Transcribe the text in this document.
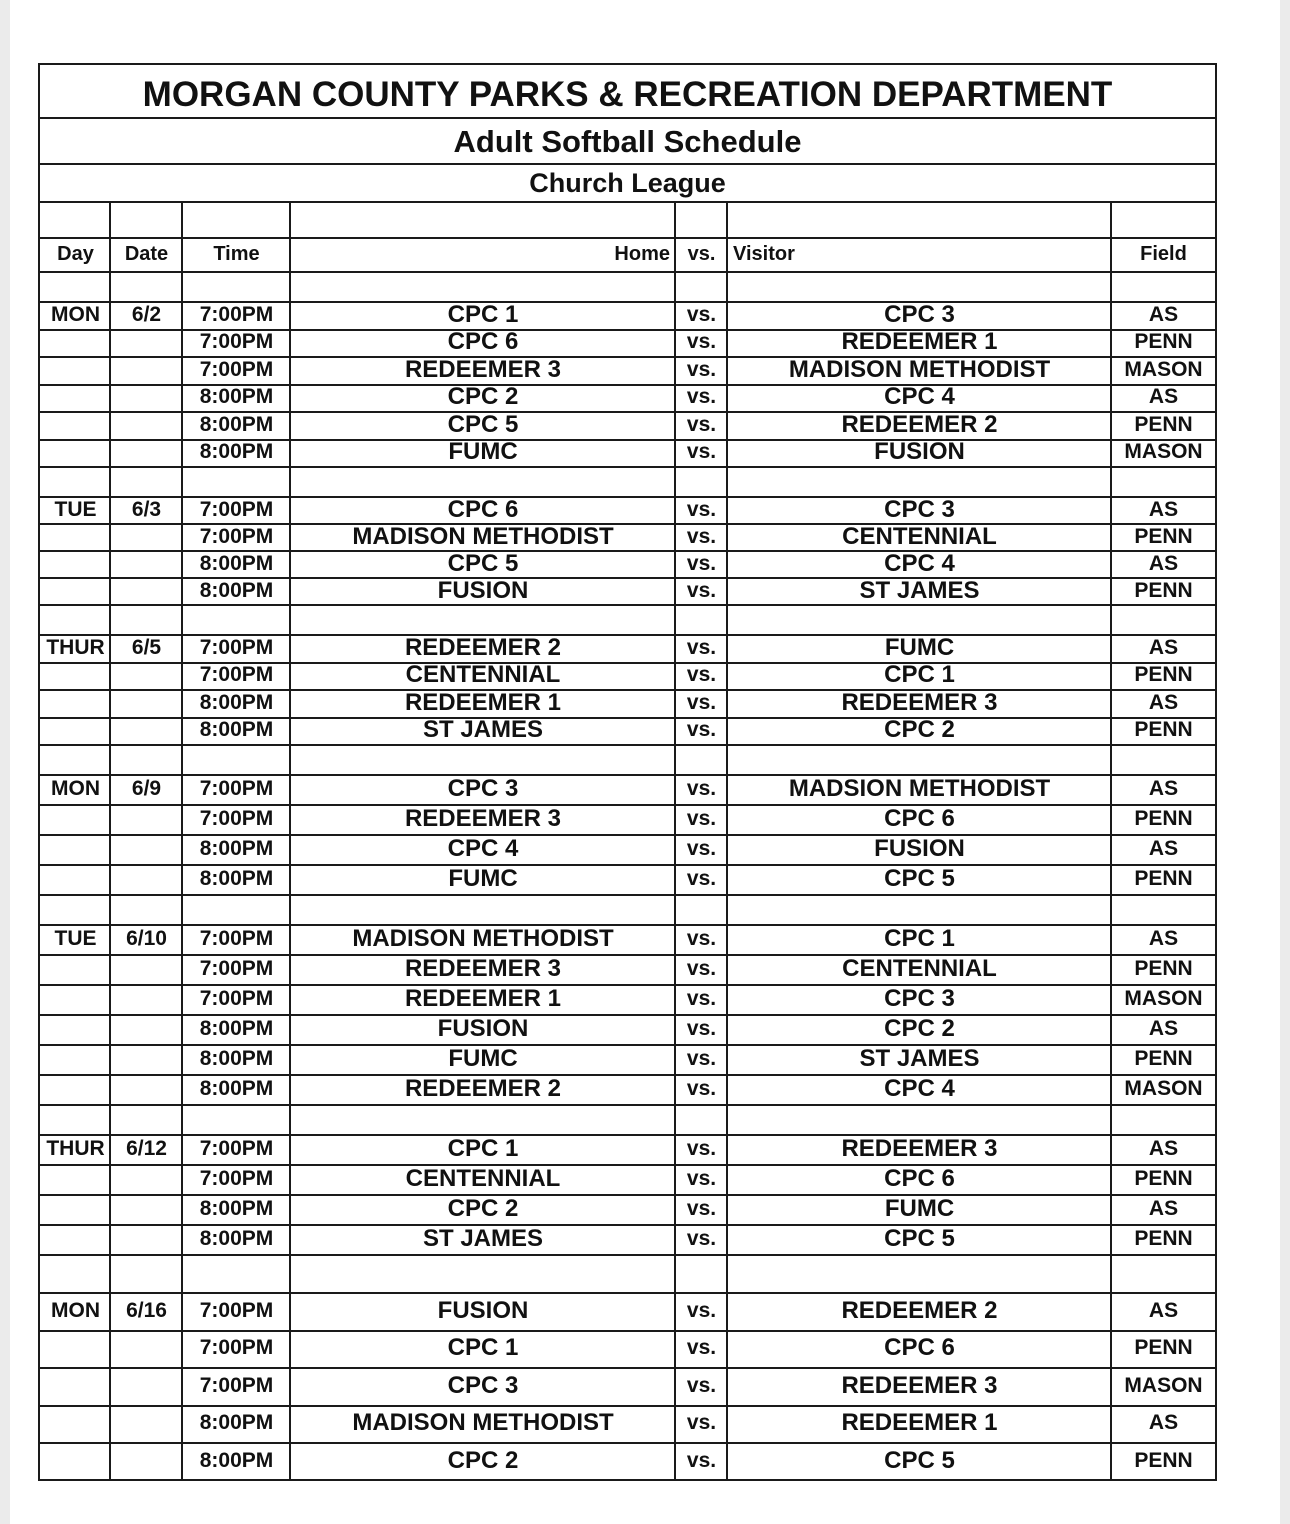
MORGAN COUNTY PARKS & RECREATION DEPARTMENT
Adult Softball Schedule
Church League
Day	Date	Time	Home vs. Visitor	Field
MON	6/2	7:00PM	CPC 1	vs.	CPC 3	AS
7:00PM	CPC 6	vs.	REDEEMER 1	PENN
7:00PM	REDEEMER 3	vs.	MADISON METHODIST	MASON
8:00PM	CPC 2	vs.	CPC 4	AS
8:00PM	CPC 5	vs.	REDEEMER 2	PENN
8:00PM	FUMC	vs.	FUSION	MASON
TUE	6/3	7:00PM	CPC 6	vs.	CPC 3	AS
7:00PM	MADISON METHODIST	vs.	CENTENNIAL	PENN
8:00PM	CPC 5	vs.	CPC 4	AS
8:00PM	FUSION	vs.	ST JAMES	PENN
THUR	6/5	7:00PM	REDEEMER 2	vs.	FUMC	AS
7:00PM	CENTENNIAL	vs.	CPC 1	PENN
8:00PM	REDEEMER 1	vs.	REDEEMER 3	AS
8:00PM	ST JAMES	vs.	CPC 2	PENN
MON	6/9	7:00PM	CPC 3	vs.	MADSION METHODIST	AS
7:00PM	REDEEMER 3	vs.	CPC 6	PENN
8:00PM	CPC 4	vs.	FUSION	AS
8:00PM	FUMC	vs.	CPC 5	PENN
TUE	6/10	7:00PM	MADISON METHODIST	vs.	CPC 1	AS
7:00PM	REDEEMER 3	vs.	CENTENNIAL	PENN
7:00PM	REDEEMER 1	vs.	CPC 3	MASON
8:00PM	FUSION	vs.	CPC 2	AS
8:00PM	FUMC	vs.	ST JAMES	PENN
8:00PM	REDEEMER 2	vs.	CPC 4	MASON
THUR	6/12	7:00PM	CPC 1	vs.	REDEEMER 3	AS
7:00PM	CENTENNIAL	vs.	CPC 6	PENN
8:00PM	CPC 2	vs.	FUMC	AS
8:00PM	ST JAMES	vs.	CPC 5	PENN
MON	6/16	7:00PM	FUSION	vs.	REDEEMER 2	AS
7:00PM	CPC 1	vs.	CPC 6	PENN
7:00PM	CPC 3	vs.	REDEEMER 3	MASON
8:00PM	MADISON METHODIST	vs.	REDEEMER 1	AS
8:00PM	CPC 2	vs.	CPC 5	PENN
